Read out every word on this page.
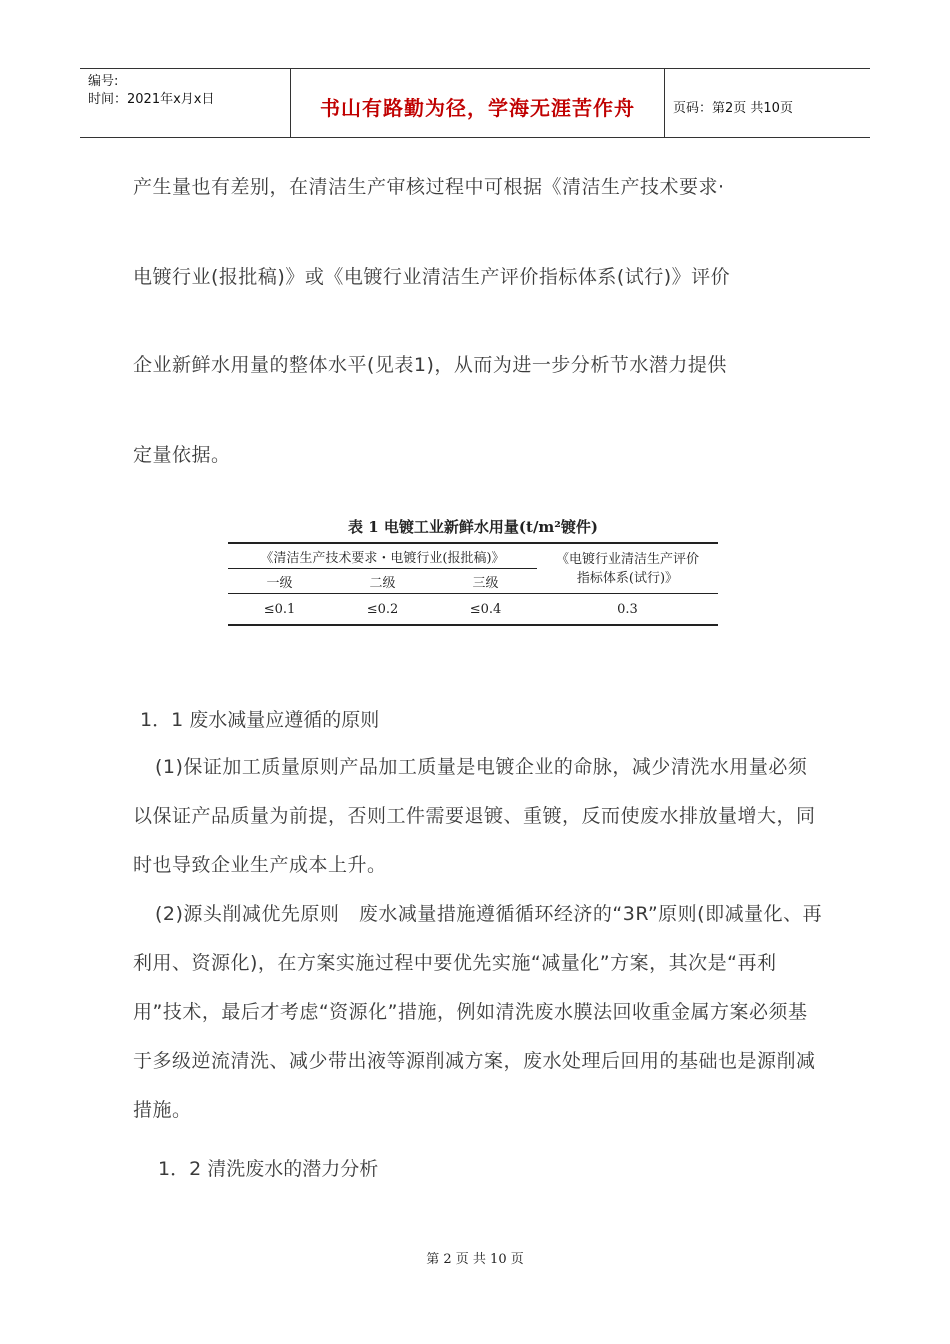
编号:
时间：2021年x月x日	书山有路勤为径，学海无涯苦作舟	页码：第2页 共10页
产生量也有差别，在清洁生产审核过程中可根据《清洁生产技术要求·
电镀行业(报批稿)》或《电镀行业清洁生产评价指标体系(试行)》评价
企业新鲜水用量的整体水平(见表1)，从而为进一步分析节水潜力提供
定量依据。
表 1 电镀工业新鲜水用量(t/m²镀件)
《清洁生产技术要求・电镀行业(报批稿)》			《电镀行业清洁生产评价
指标体系(试行)》

一级	二级	三级	
≤0.1	≤0.2	≤0.4	0.3
1．1 废水减量应遵循的原则
(1)保证加工质量原则产品加工质量是电镀企业的命脉，减少清洗水用量必须以保证产品质量为前提，否则工件需要退镀、重镀，反而使废水排放量增大，同时也导致企业生产成本上升。
(2)源头削减优先原则　废水减量措施遵循循环经济的“3R”原则(即减量化、再利用、资源化)，在方案实施过程中要优先实施“减量化”方案，其次是“再利用”技术，最后才考虑“资源化”措施，例如清洗废水膜法回收重金属方案必须基于多级逆流清洗、减少带出液等源削减方案，废水处理后回用的基础也是源削减措施。
1．2 清洗废水的潜力分析
第 2 页 共 10 页
